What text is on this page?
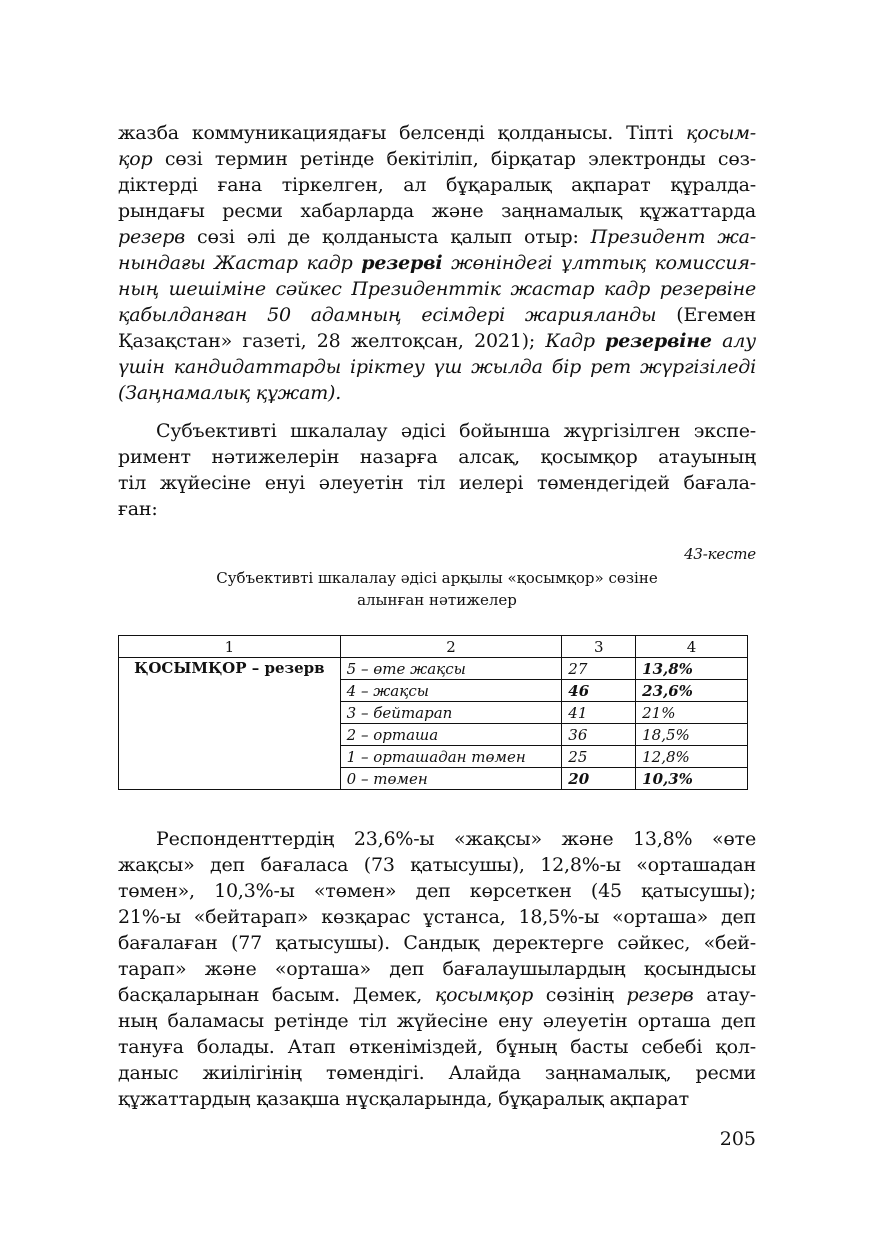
жазба коммуникациядағы белсенді қолданысы. Тіпті қосым-
қор сөзі термин ретінде бекітіліп, бірқатар электронды сөз-
діктерді ғана тіркелген, ал бұқаралық ақпарат құралда-
рындағы ресми хабарларда және заңнамалық құжаттарда
резерв сөзі әлі де қолданыста қалып отыр: Президент жа-
нындағы Жастар кадр резерві жөніндегі ұлттық комиссия-
ның шешіміне сәйкес Президенттік жастар кадр резервіне
қабылданған 50 адамның есімдері жарияланды (Егемен
Қазақстан» газеті, 28 желтоқсан, 2021); Кадр резервіне алу
үшін кандидаттарды іріктеу үш жылда бір рет жүргізіледі
(Заңнамалық құжат).
Субъективті шкалалау әдісі бойынша жүргізілген экспе-
римент нәтижелерін назарға алсақ, қосымқор атауының
тіл жүйесіне енуі әлеуетін тіл иелері төмендегідей бағала-
ған:
43-кесте
Субъективті шкалалау әдісі арқылы «қосымқор» сөзіне
алынған нәтижелер
1	2	3	4
ҚОСЫМҚОР – резерв	5 – өте жақсы	27	13,8%
	4 – жақсы	46	23,6%
	3 – бейтарап	41	21%
	2 – орташа	36	18,5%
	1 – орташадан төмен	25	12,8%
	0 – төмен	20	10,3%
Респонденттердің 23,6%-ы «жақсы» және 13,8% «өте
жақсы» деп бағаласа (73 қатысушы), 12,8%-ы «орташадан
төмен», 10,3%-ы «төмен» деп көрсеткен (45 қатысушы);
21%-ы «бейтарап» көзқарас ұстанса, 18,5%-ы «орташа» деп
бағалаған (77 қатысушы). Сандық деректерге сәйкес, «бей-
тарап» және «орташа» деп бағалаушылардың қосындысы
басқаларынан басым. Демек, қосымқор сөзінің резерв атау-
ның баламасы ретінде тіл жүйесіне ену әлеуетін орташа деп
тануға болады. Атап өткеніміздей, бұның басты себебі қол-
даныс жиілігінің төмендігі. Алайда заңнамалық, ресми
құжаттардың қазақша нұсқаларында, бұқаралық ақпарат
205
